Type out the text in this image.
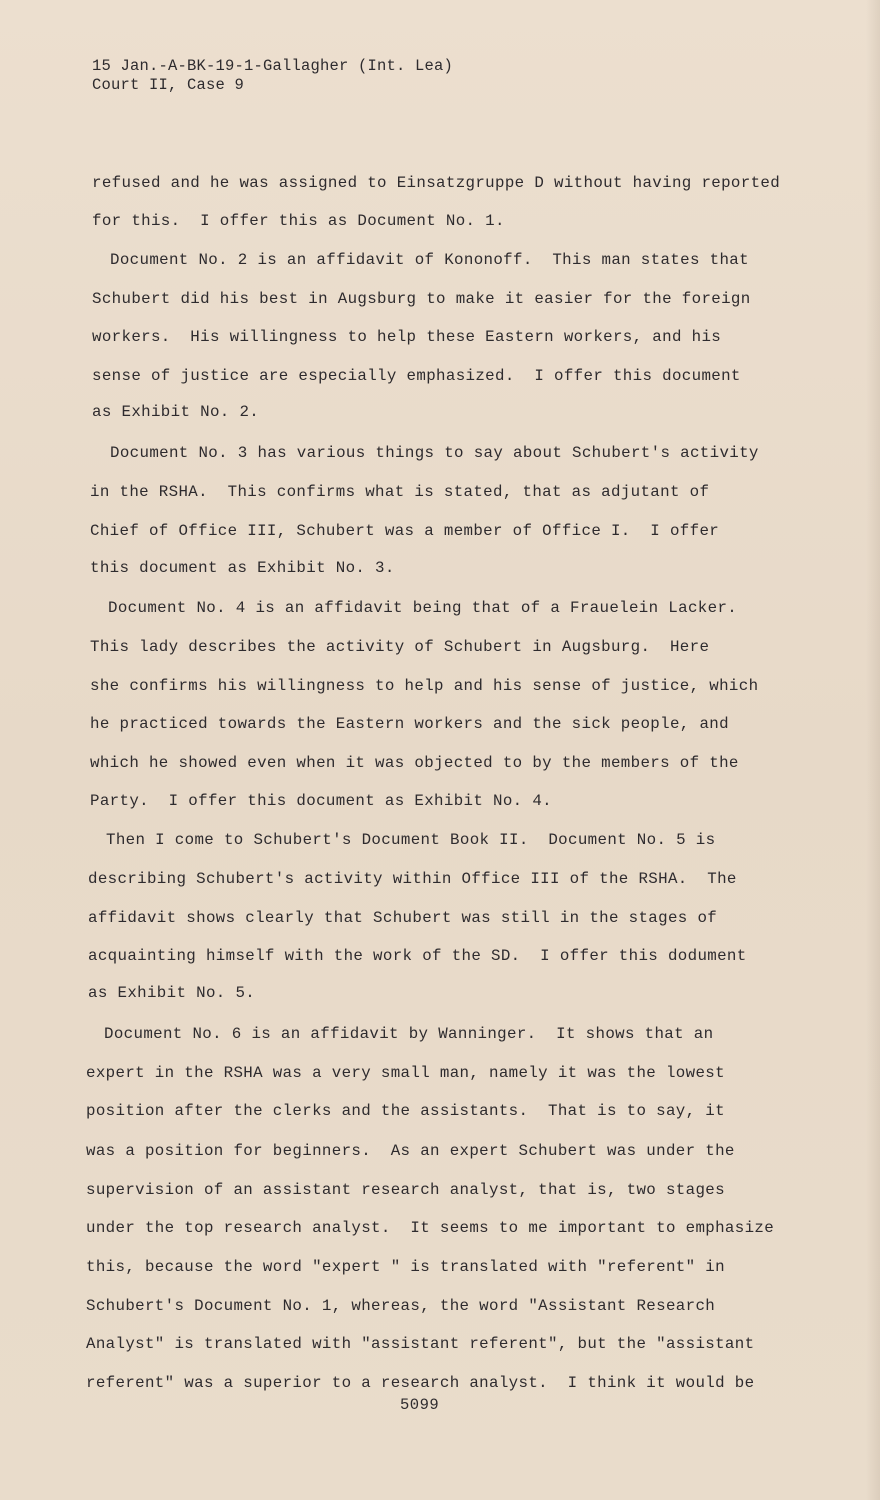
15 Jan.-A-BK-19-1-Gallagher (Int. Lea)
Court II, Case 9
refused and he was assigned to Einsatzgruppe D without having reported
for this.  I offer this as Document No. 1.
Document No. 2 is an affidavit of Kononoff.  This man states that
Schubert did his best in Augsburg to make it easier for the foreign
workers.  His willingness to help these Eastern workers, and his
sense of justice are especially emphasized.  I offer this document
as Exhibit No. 2.
Document No. 3 has various things to say about Schubert's activity
in the RSHA.  This confirms what is stated, that as adjutant of
Chief of Office III, Schubert was a member of Office I.  I offer
this document as Exhibit No. 3.
Document No. 4 is an affidavit being that of a Frauelein Lacker.
This lady describes the activity of Schubert in Augsburg.  Here
she confirms his willingness to help and his sense of justice, which
he practiced towards the Eastern workers and the sick people, and
which he showed even when it was objected to by the members of the
Party.  I offer this document as Exhibit No. 4.
Then I come to Schubert's Document Book II.  Document No. 5 is
describing Schubert's activity within Office III of the RSHA.  The
affidavit shows clearly that Schubert was still in the stages of
acquainting himself with the work of the SD.  I offer this dodument
as Exhibit No. 5.
Document No. 6 is an affidavit by Wanninger.  It shows that an
expert in the RSHA was a very small man, namely it was the lowest
position after the clerks and the assistants.  That is to say, it
was a position for beginners.  As an expert Schubert was under the
supervision of an assistant research analyst, that is, two stages
under the top research analyst.  It seems to me important to emphasize
this, because the word "expert " is translated with "referent" in
Schubert's Document No. 1, whereas, the word "Assistant Research
Analyst" is translated with "assistant referent", but the "assistant
referent" was a superior to a research analyst.  I think it would be
5099
